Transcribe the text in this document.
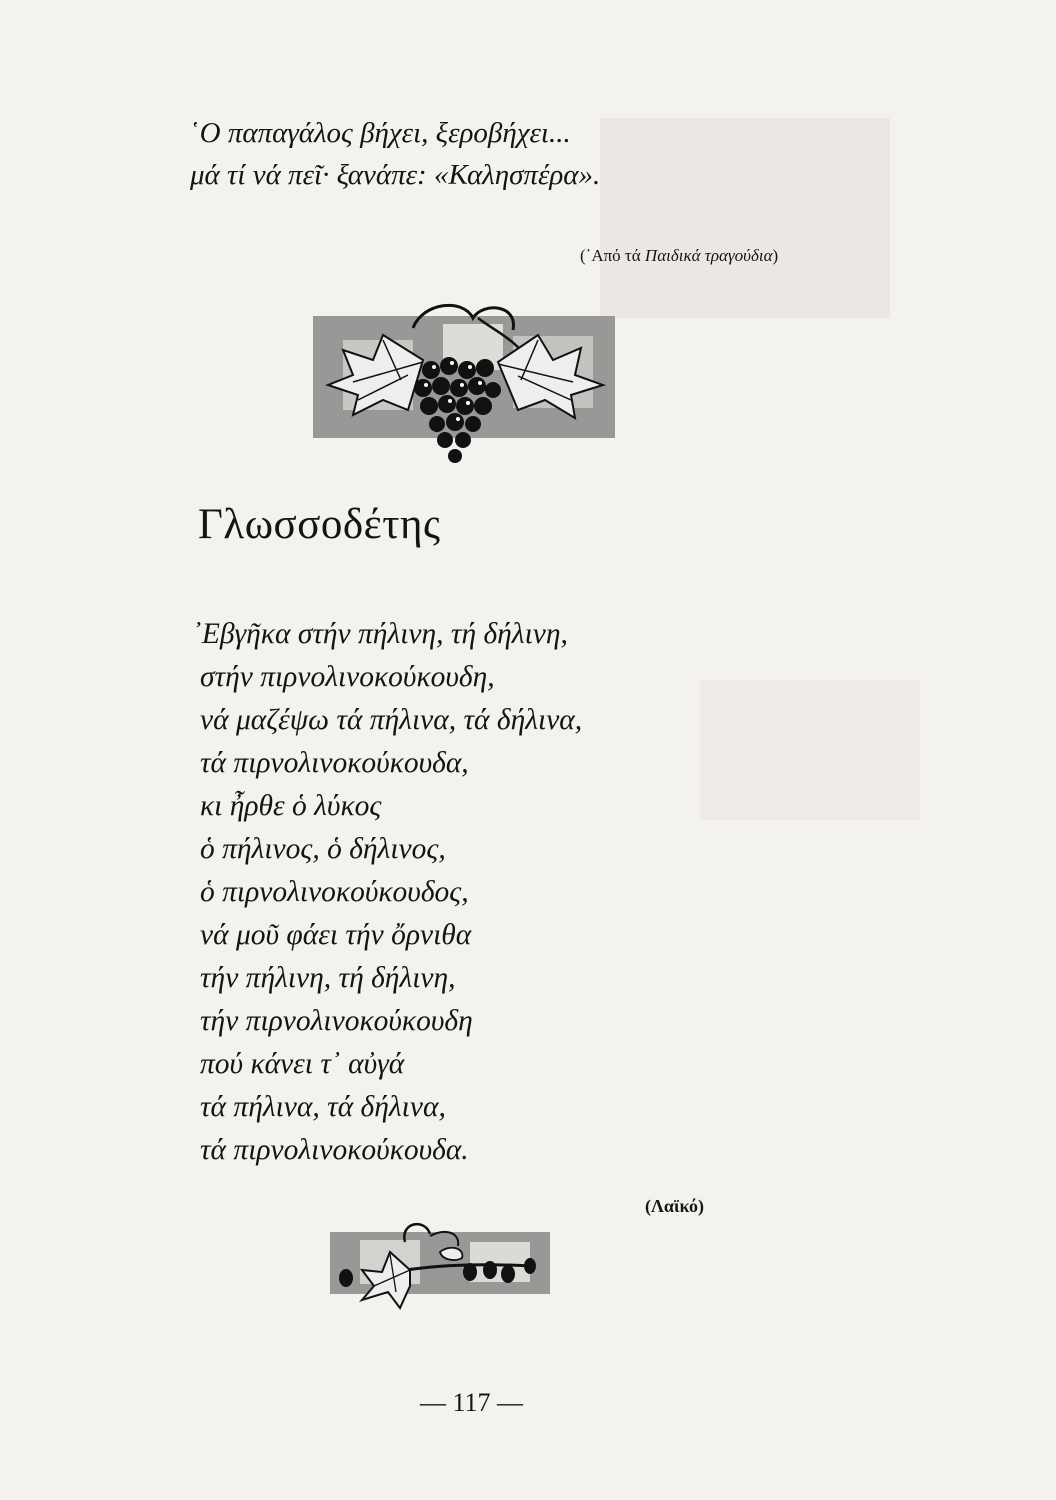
῾Ο παπαγάλος βήχει, ξεροβήχει...
μά τί νά πεῖ· ξανάπε: «Καλησπέρα».
(᾿Από τά Παιδικά τραγούδια)
Γλωσσοδέτης
᾿Εβγῆκα στήν πήλινη, τή δήλινη,
στήν πιρνολινοκούκουδη,
νά μαζέψω τά πήλινα, τά δήλινα,
τά πιρνολινοκούκουδα,
κι ἦρθε ὁ λύκος
ὁ πήλινος, ὁ δήλινος,
ὁ πιρνολινοκούκουδος,
νά μοῦ φάει τήν ὄρνιθα
τήν πήλινη, τή δήλινη,
τήν πιρνολινοκούκουδη
πού κάνει τ᾿ αὐγά
τά πήλινα, τά δήλινα,
τά πιρνολινοκούκουδα.
(Λαϊκό)
— 117 —
